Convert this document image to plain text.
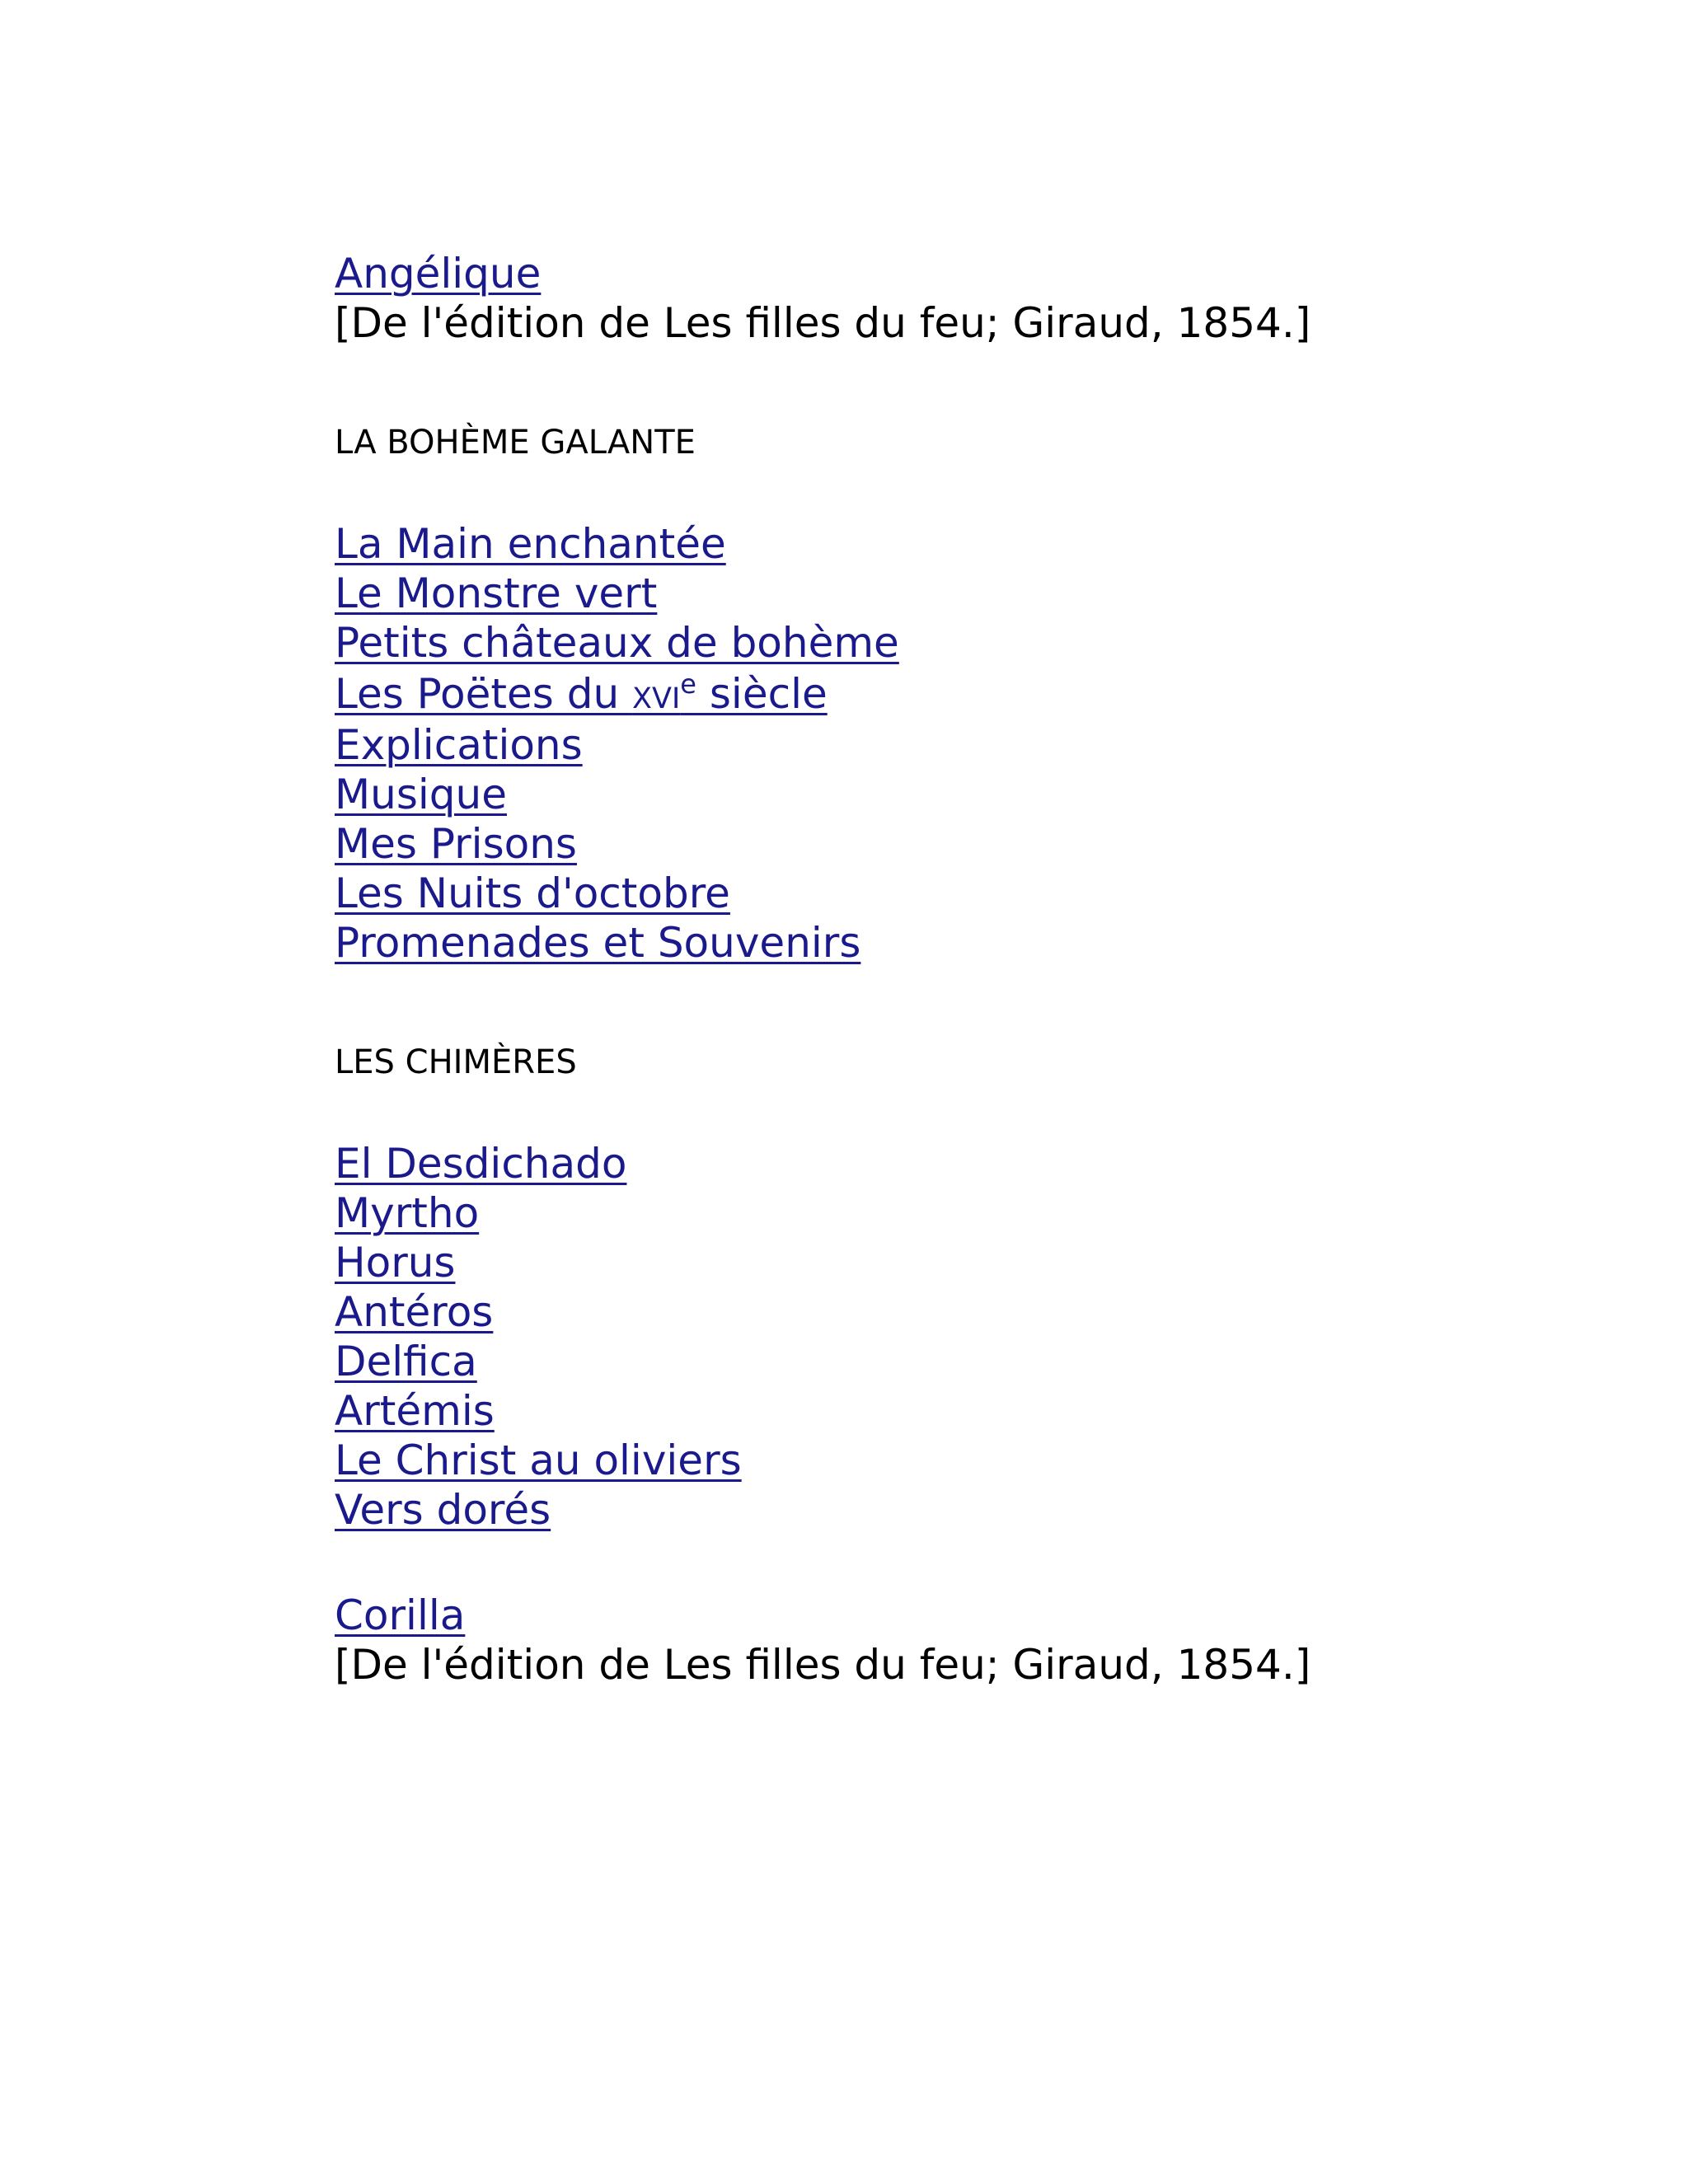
Angélique
[De l'édition de Les filles du feu; Giraud, 1854.]
LA BOHÈME GALANTE
La Main enchantée
Le Monstre vert
Petits châteaux de bohème
Les Poëtes du xvi$^e$ siècle
Explications
Musique
Mes Prisons
Les Nuits d'octobre
Promenades et Souvenirs
LES CHIMÈRES
El Desdichado
Myrtho
Horus
Antéros
Delfica
Artémis
Le Christ au oliviers
Vers dorés
Corilla
[De l'édition de Les filles du feu; Giraud, 1854.]
